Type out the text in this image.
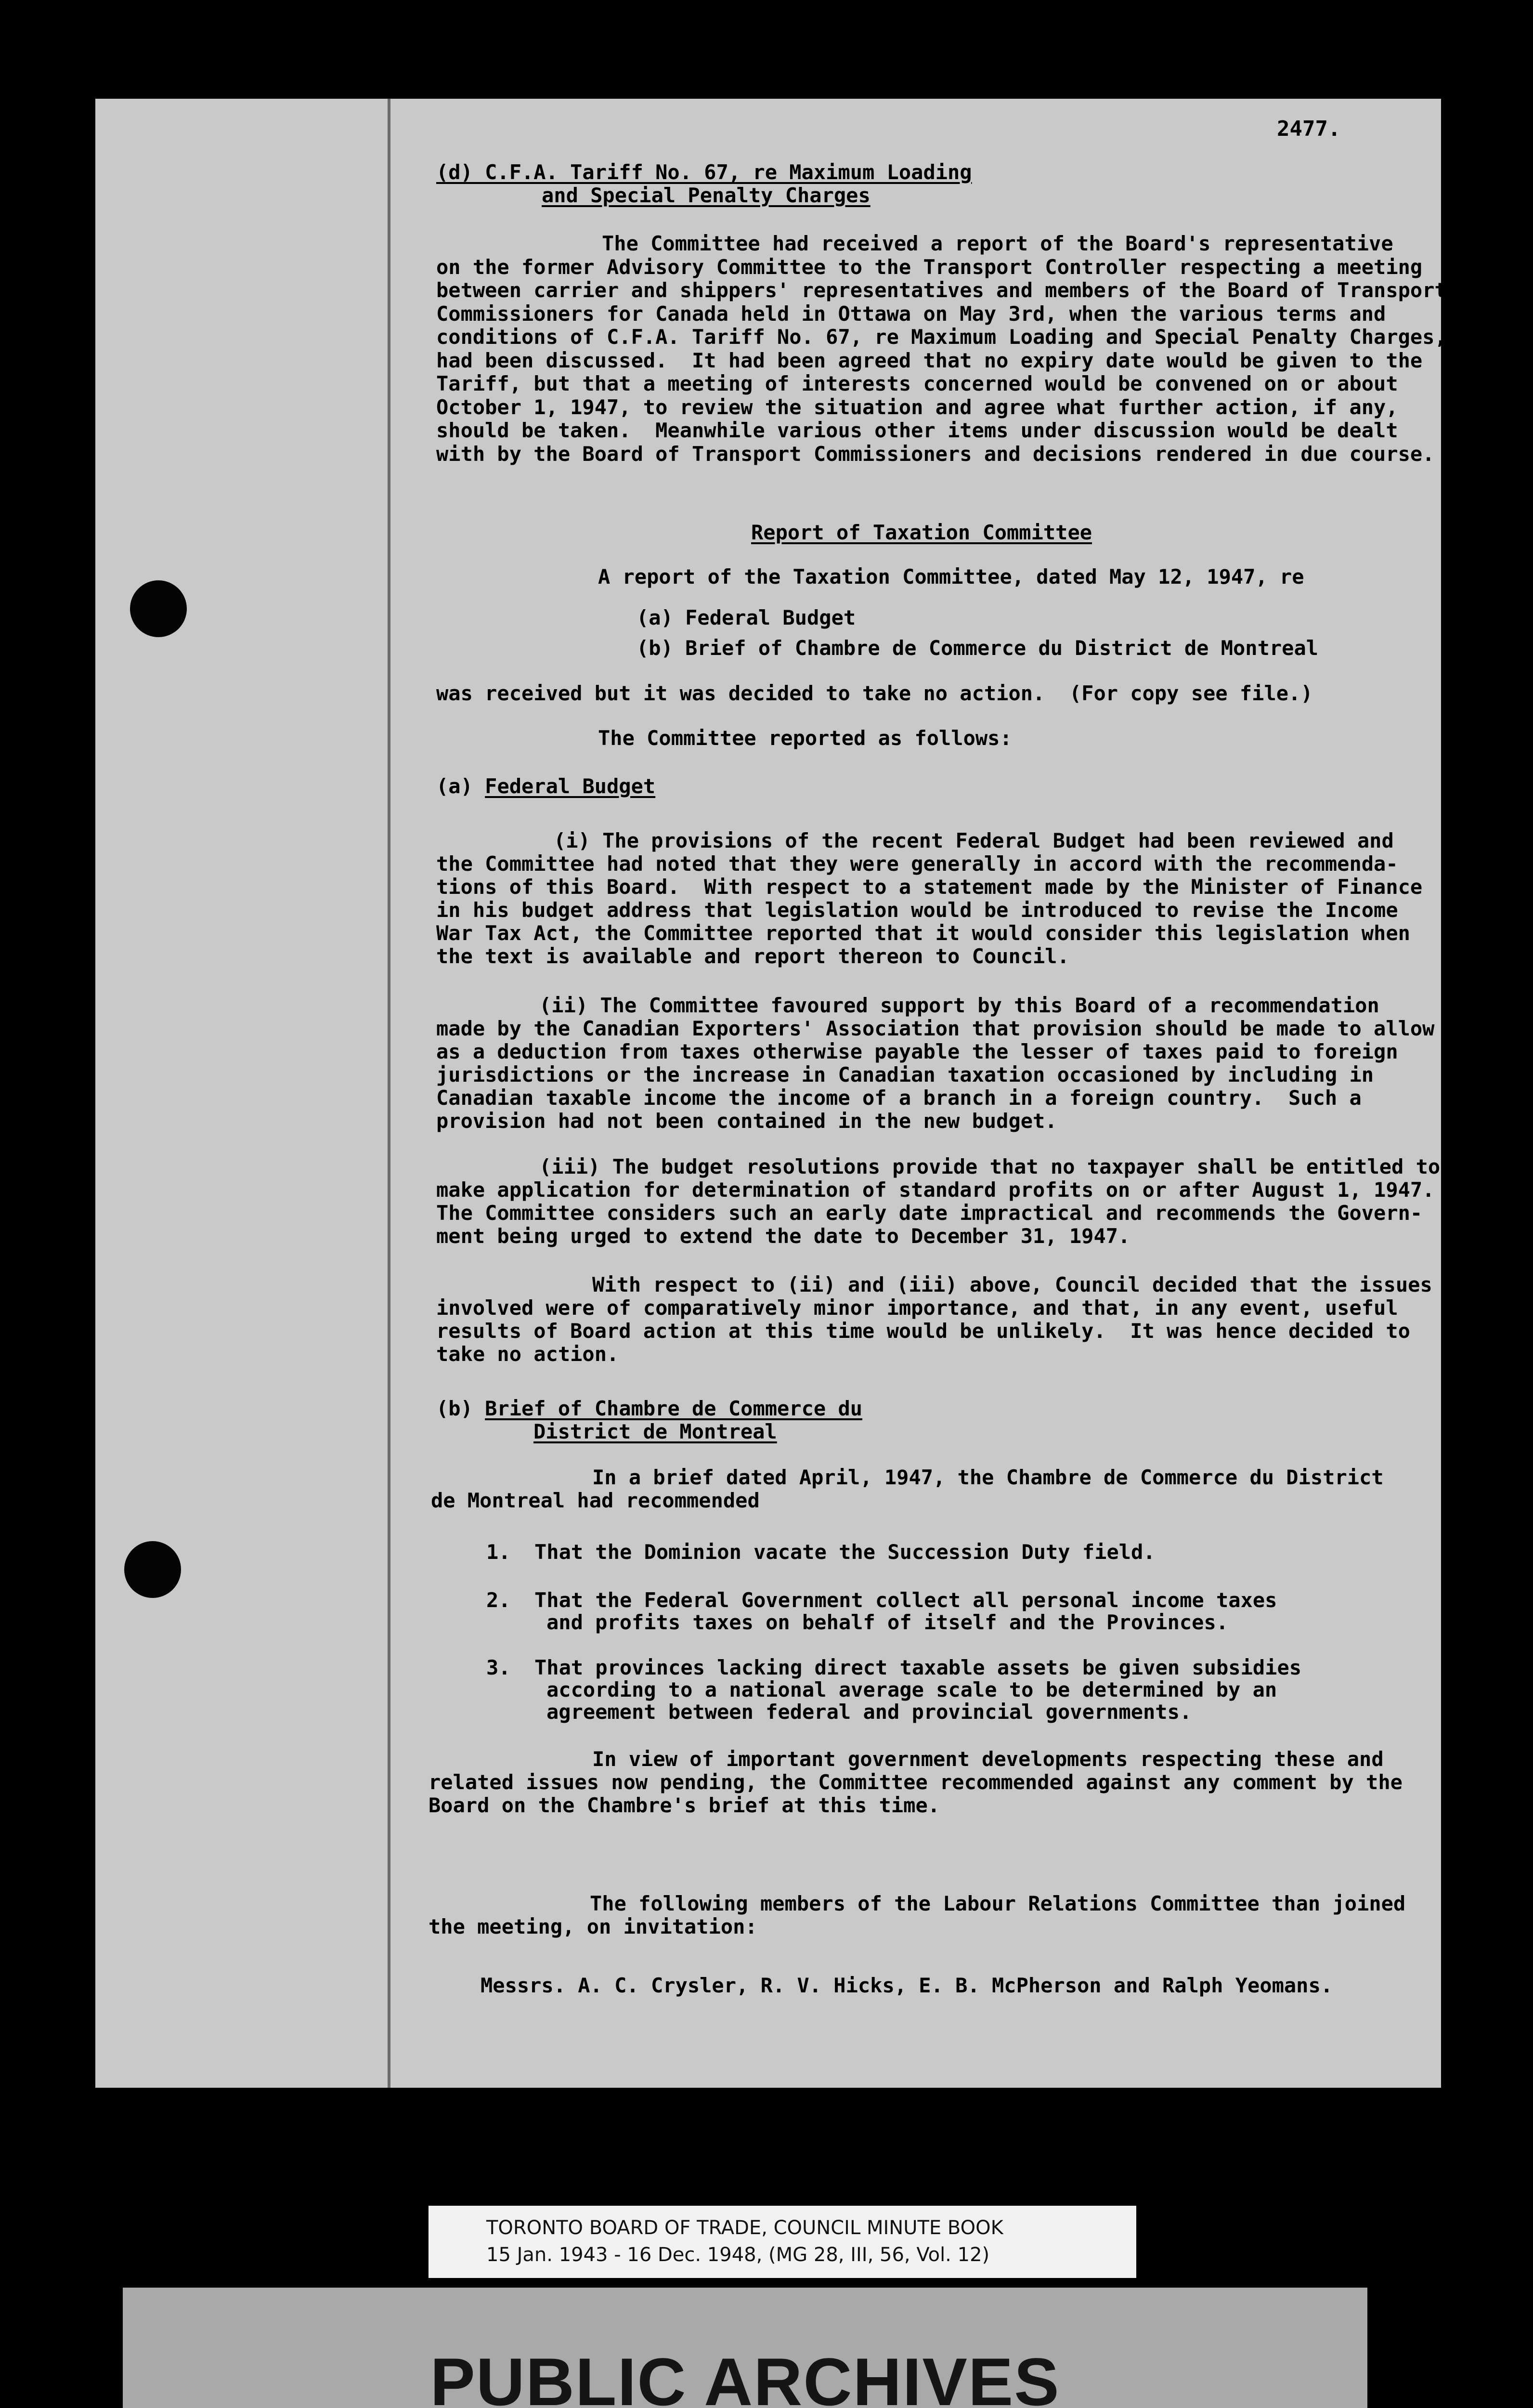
2477.
(d) C.F.A. Tariff No. 67, re Maximum Loading
and Special Penalty Charges
The Committee had received a report of the Board's representative
on the former Advisory Committee to the Transport Controller respecting a meeting
between carrier and shippers' representatives and members of the Board of Transport
Commissioners for Canada held in Ottawa on May 3rd, when the various terms and
conditions of C.F.A. Tariff No. 67, re Maximum Loading and Special Penalty Charges,
had been discussed.  It had been agreed that no expiry date would be given to the
Tariff, but that a meeting of interests concerned would be convened on or about
October 1, 1947, to review the situation and agree what further action, if any,
should be taken.  Meanwhile various other items under discussion would be dealt
with by the Board of Transport Commissioners and decisions rendered in due course.
Report of Taxation Committee
A report of the Taxation Committee, dated May 12, 1947, re
(a) Federal Budget
(b) Brief of Chambre de Commerce du District de Montreal
was received but it was decided to take no action.  (For copy see file.)
The Committee reported as follows:
(a) Federal Budget
(i) The provisions of the recent Federal Budget had been reviewed and
the Committee had noted that they were generally in accord with the recommenda-
tions of this Board.  With respect to a statement made by the Minister of Finance
in his budget address that legislation would be introduced to revise the Income
War Tax Act, the Committee reported that it would consider this legislation when
the text is available and report thereon to Council.
(ii) The Committee favoured support by this Board of a recommendation
made by the Canadian Exporters' Association that provision should be made to allow
as a deduction from taxes otherwise payable the lesser of taxes paid to foreign
jurisdictions or the increase in Canadian taxation occasioned by including in
Canadian taxable income the income of a branch in a foreign country.  Such a
provision had not been contained in the new budget.
(iii) The budget resolutions provide that no taxpayer shall be entitled to
make application for determination of standard profits on or after August 1, 1947.
The Committee considers such an early date impractical and recommends the Govern-
ment being urged to extend the date to December 31, 1947.
With respect to (ii) and (iii) above, Council decided that the issues
involved were of comparatively minor importance, and that, in any event, useful
results of Board action at this time would be unlikely.  It was hence decided to
take no action.
(b) Brief of Chambre de Commerce du
District de Montreal
In a brief dated April, 1947, the Chambre de Commerce du District
de Montreal had recommended
1. That the Dominion vacate the Succession Duty field.
2. That the Federal Government collect all personal income taxes
and profits taxes on behalf of itself and the Provinces.
3. That provinces lacking direct taxable assets be given subsidies
according to a national average scale to be determined by an
agreement between federal and provincial governments.
In view of important government developments respecting these and
related issues now pending, the Committee recommended against any comment by the
Board on the Chambre's brief at this time.
The following members of the Labour Relations Committee than joined
the meeting, on invitation:
Messrs. A. C. Crysler, R. V. Hicks, E. B. McPherson and Ralph Yeomans.
TORONTO BOARD OF TRADE, COUNCIL MINUTE BOOK
15 Jan. 1943 - 16 Dec. 1948, (MG 28, III, 56, Vol. 12)
PUBLIC ARCHIVES
